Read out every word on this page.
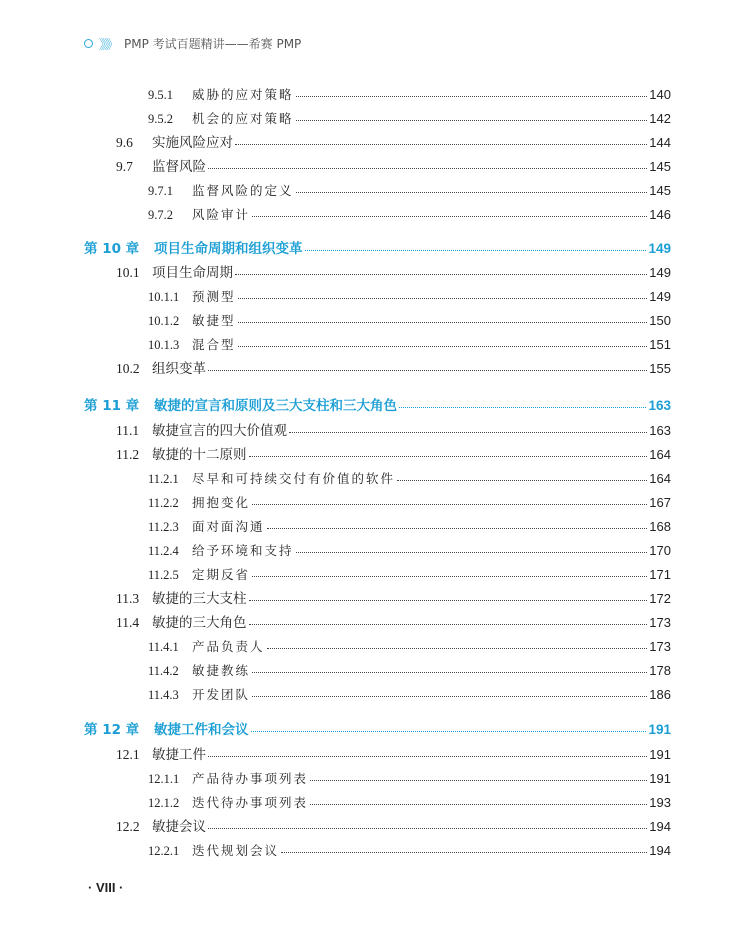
》》》 PMP 考试百题精讲——希赛 PMP
9.5.1	威胁的应对策略	140
9.5.2	机会的应对策略	142
9.6	实施风险应对	144
9.7	监督风险	145
9.7.1	监督风险的定义	145
9.7.2	风险审计	146
第 10 章	项目生命周期和组织变革	149
10.1 项目生命周期	149
10.1.1	预测型	149
10.1.2	敏捷型	150
10.1.3	混合型	151
10.2 组织变革	155
第 11 章	敏捷的宣言和原则及三大支柱和三大角色	163
11.1 敏捷宣言的四大价值观	163
11.2 敏捷的十二原则	164
11.2.1	尽早和可持续交付有价值的软件	164
11.2.2	拥抱变化	167
11.2.3	面对面沟通	168
11.2.4	给予环境和支持	170
11.2.5	定期反省	171
11.3 敏捷的三大支柱	172
11.4 敏捷的三大角色	173
11.4.1	产品负责人	173
11.4.2	敏捷教练	178
11.4.3	开发团队	186
第 12 章	敏捷工件和会议	191
12.1 敏捷工件	191
12.1.1	产品待办事项列表	191
12.1.2	迭代待办事项列表	193
12.2 敏捷会议	194
12.2.1	迭代规划会议	194
· VIII ·
